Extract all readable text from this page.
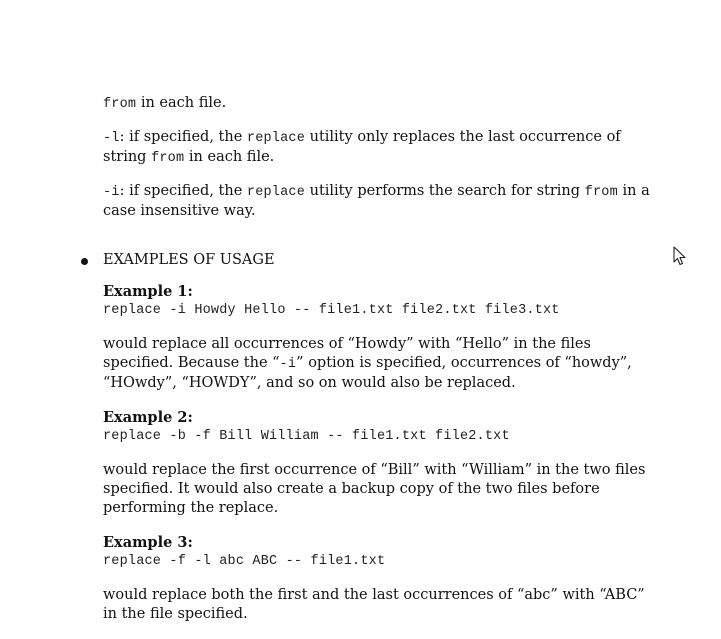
from in each file.

-l: if specified, the replace utility only replaces the last occurrence of string from in each file.

-i: if specified, the replace utility performs the search for string from in a case insensitive way.

EXAMPLES OF USAGE
Example 1:
replace -i Howdy Hello -- file1.txt file2.txt file3.txt

would replace all occurrences of “Howdy” with “Hello” in the files specified. Because the “-i” option is specified, occurrences of “howdy”, “HOwdy”, “HOWDY”, and so on would also be replaced.

Example 2:
replace -b -f Bill William -- file1.txt file2.txt

would replace the first occurrence of “Bill” with “William” in the two files specified. It would also create a backup copy of the two files before performing the replace.

Example 3:
replace -f -l abc ABC -- file1.txt

would replace both the first and the last occurrences of “abc” with “ABC” in the file specified.
